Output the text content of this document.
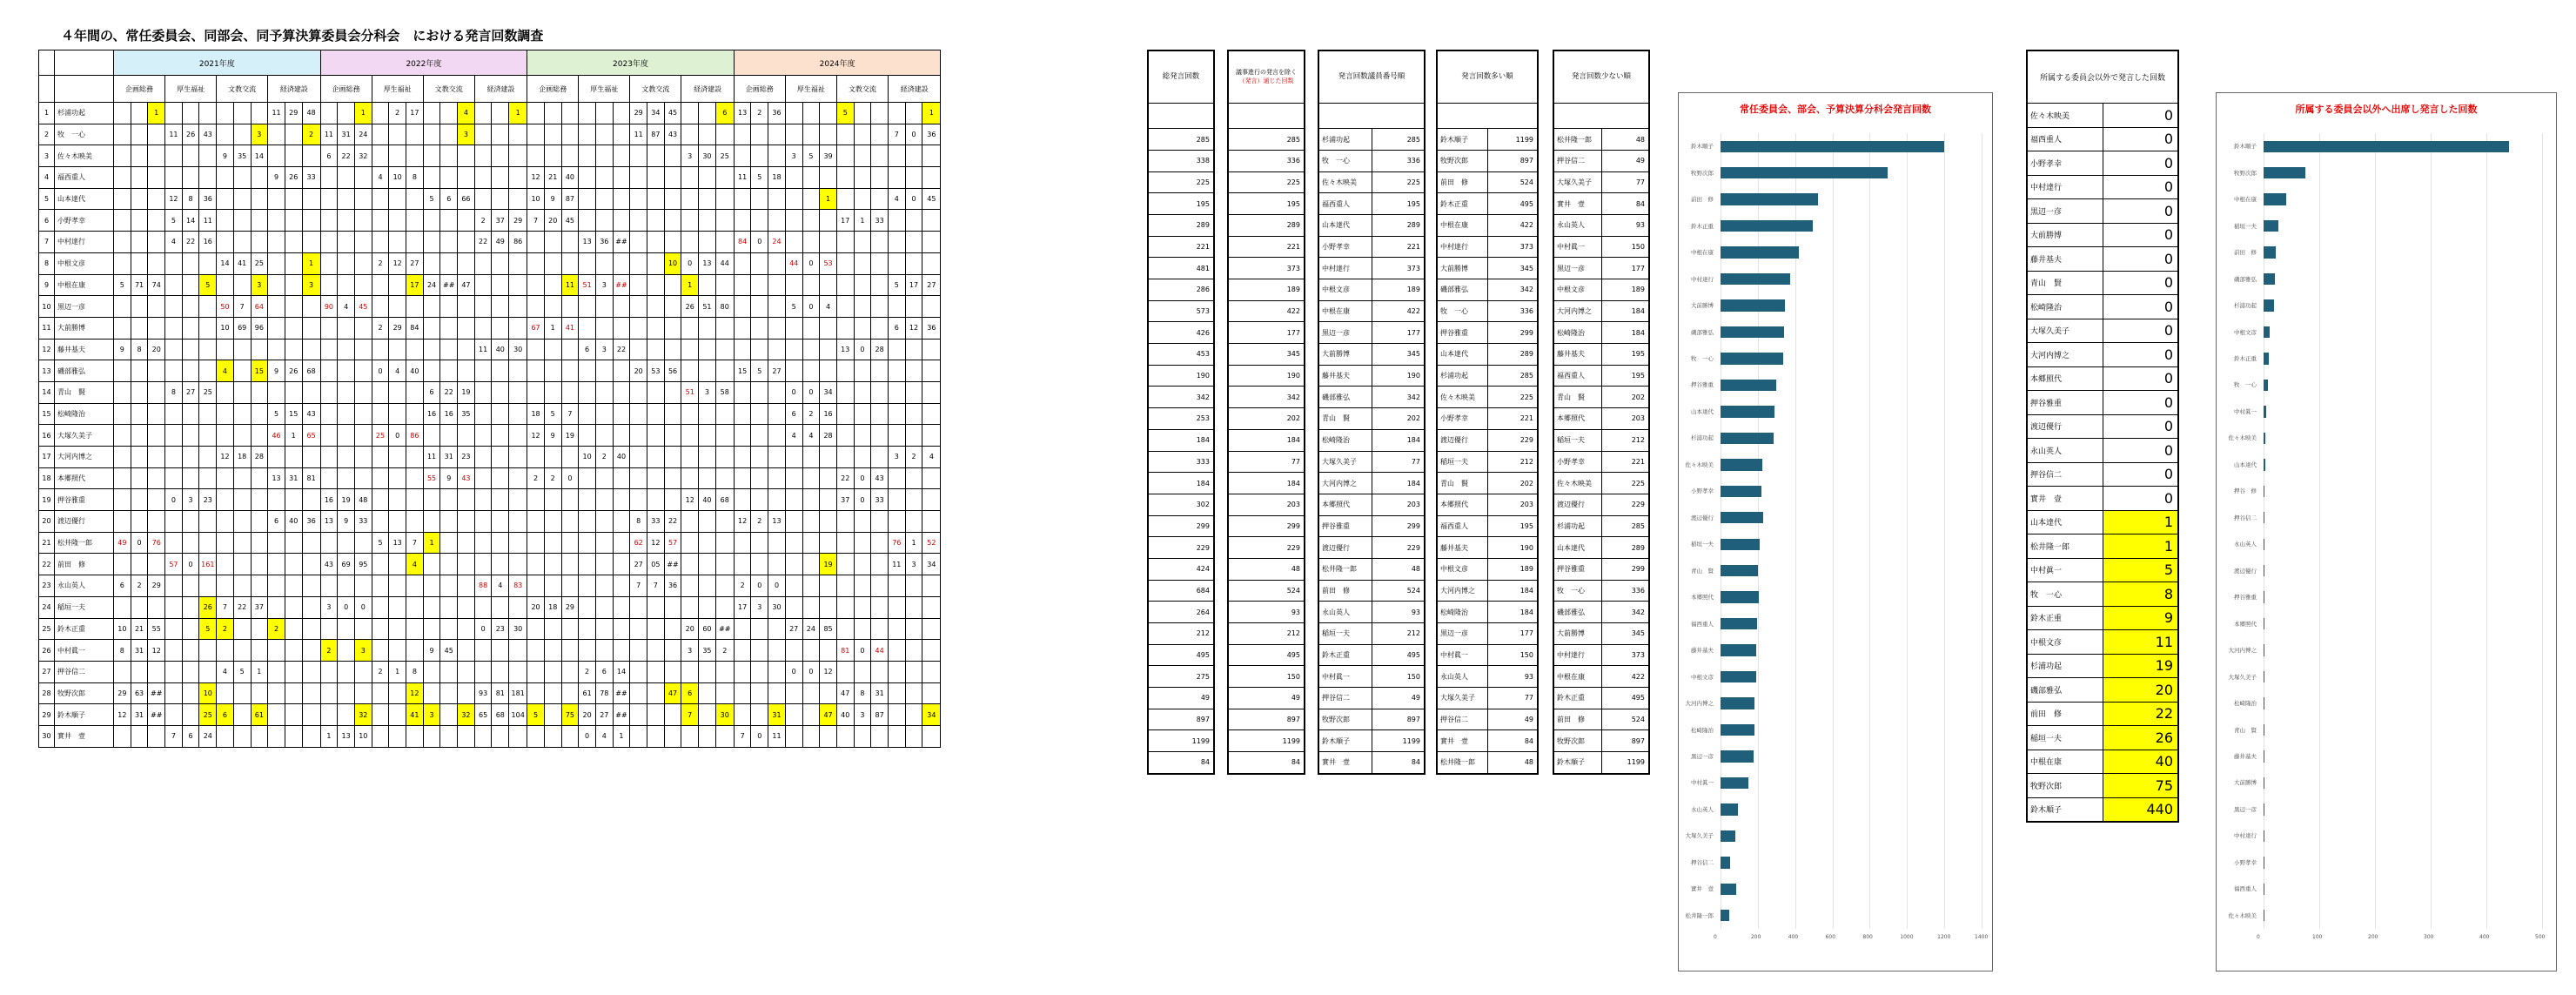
４年間の、常任委員会、同部会、同予算決算委員会分科会　における発言回数調査
		2021年度												2022年度												2023年度												2024年度											
		企画総務			厚生福祉			文教交流			経済建設			企画総務			厚生福祉			文教交流			経済建設			企画総務			厚生福祉			文教交流			経済建設			企画総務			厚生福祉			文教交流			経済建設		
1	杉浦功起			1							11	29	48			1		2	17			4			1							29	34	45			6	13	2	36				5					1
2	牧　一心				11	26	43			3			2	11	31	24						3										11	87	43													7	0	36
3	佐々木映美							9	35	14				6	22	32																			3	30	25				3	5	39						
4	福西重人										9	26	33				4	10	8							12	21	40										11	5	18									
5	山本達代				12	8	36													5	6	66				10	9	87															1				4	0	45
6	小野孝幸				5	14	11																2	37	29	7	20	45																17	1	33			
7	中村達行				4	22	16																22	49	86				13	36	##							84	0	24									
8	中根文彦							14	41	25			1				2	12	27															10	0	13	44				44	0	53						
9	中根在康	5	71	74			5			3			3						17	24	##	47						11	51	3	##				1												5	17	27
10	黒辺一彦							50	7	64				90	4	45																			26	51	80				5	0	4						
11	大前勝博							10	69	96							2	29	84							67	1	41																			6	12	36
12	藤井基夫	9	8	20																			11	40	30				6	3	22													13	0	28			
13	磯部雅弘							4		15	9	26	68				0	4	40													20	53	56				15	5	27									
14	青山　賢				8	27	25													6	22	19													51	3	58				0	0	34						
15	松崎隆治										5	15	43							16	16	35				18	5	7													6	2	16						
16	大塚久美子										46	1	65				25	0	86							12	9	19													4	4	28						
17	大河内博之							12	18	28										11	31	23							10	2	40																3	2	4
18	本郷照代										13	31	81							55	9	43				2	2	0																22	0	43			
19	押谷雅重				0	3	23							16	19	48																			12	40	68							37	0	33			
20	渡辺優行										6	40	36	13	9	33																8	33	22				12	2	13									
21	松井隆一郎	49	0	76													5	13	7	1												62	12	57													76	1	52
22	前田　修				57	0	161							43	69	95			4													27	05	##									19				11	3	34
23	永山英人	6	2	29																			88	4	83							7	7	36				2	0	0									
24	稲垣一夫						26	7	22	37				3	0	0										20	18	29										17	3	30									
25	鈴木正重	10	21	55			5	2			2												0	23	30										20	60	##				27	24	85						
26	中村眞一	8	31	12										2		3				9	45														3	35	2							81	0	44			
27	押谷信二							4	5	1							2	1	8										2	6	14										0	0	12						
28	牧野次郎	29	63	##			10												12				93	81	181				61	78	##			47	6									47	8	31			
29	鈴木順子	12	31	##			25	6		61						32			41	3		32	65	68	104	5		75	20	27	##				7		30			31			47	40	3	87			34
30	實井　壹				7	6	24							1	13	10													0	4	1							7	0	11									
総発言回数

285
338
225
195
289
221
481
286
573
426
453
190
342
253
184
333
184
302
299
229
424
684
264
212
495
275
49
897
1199
84
議事進行の発言を除く
（発言）通じた回数

285
336
225
195
289
221
373
189
422
177
345
190
342
202
184
77
184
203
299
229
48
524
93
212
495
150
49
897
1199
84
発言回数議員番号順	

杉浦功起	285
牧　一心	336
佐々木映美	225
福西重人	195
山本達代	289
小野孝幸	221
中村達行	373
中根文彦	189
中根在康	422
黒辺一彦	177
大前勝博	345
藤井基夫	190
磯部雅弘	342
青山　賢	202
松崎隆治	184
大塚久美子	77
大河内博之	184
本郷照代	203
押谷雅重	299
渡辺優行	229
松井隆一郎	48
前田　修	524
永山英人	93
稲垣一夫	212
鈴木正重	495
中村眞一	150
押谷信二	49
牧野次郎	897
鈴木順子	1199
實井　壹	84
発言回数多い順	

鈴木順子	1199
牧野次郎	897
前田　修	524
鈴木正重	495
中根在康	422
中村達行	373
大前勝博	345
磯部雅弘	342
牧　一心	336
押谷雅重	299
山本達代	289
杉浦功起	285
佐々木映美	225
小野孝幸	221
渡辺優行	229
稲垣一夫	212
青山　賢	202
本郷照代	203
福西重人	195
藤井基夫	190
中根文彦	189
大河内博之	184
松崎隆治	184
黒辺一彦	177
中村眞一	150
永山英人	93
大塚久美子	77
押谷信二	49
實井　壹	84
松井隆一郎	48
発言回数少ない順	

松井隆一郎	48
押谷信二	49
大塚久美子	77
實井　壹	84
永山英人	93
中村眞一	150
黒辺一彦	177
中根文彦	189
大河内博之	184
松崎隆治	184
藤井基夫	195
福西重人	195
青山　賢	202
本郷照代	203
稲垣一夫	212
小野孝幸	221
佐々木映美	225
渡辺優行	229
杉浦功起	285
山本達代	289
押谷雅重	299
牧　一心	336
磯部雅弘	342
大前勝博	345
中村達行	373
中根在康	422
鈴木正重	495
前田　修	524
牧野次郎	897
鈴木順子	1199
常任委員会、部会、予算決算分科会発言回数
0	200	400	600	800	1000	1200	1400
鈴木順子
牧野次郎
前田　修
鈴木正重
中根在康
中村達行
大前勝博
磯部雅弘
牧　一心
押谷雅重
山本達代
杉浦功起
佐々木映美
小野孝幸
渡辺優行
稲垣一夫
青山　賢
本郷照代
福西重人
藤井基夫
中根文彦
大河内博之
松崎隆治
黒辺一彦
中村眞一
永山英人
大塚久美子
押谷信二
實井　壹
松井隆一郎
所属する委員会以外で発言した回数	
佐々木映美	0
福西重人	0
小野孝幸	0
中村達行	0
黒辺一彦	0
大前勝博	0
藤井基夫	0
青山　賢	0
松崎隆治	0
大塚久美子	0
大河内博之	0
本郷照代	0
押谷雅重	0
渡辺優行	0
永山英人	0
押谷信二	0
實井　壹	0
山本達代	1
松井隆一郎	1
中村眞一	5
牧　一心	8
鈴木正重	9
中根文彦	11
杉浦功起	19
磯部雅弘	20
前田　修	22
稲垣一夫	26
中根在康	40
牧野次郎	75
鈴木順子	440
所属する委員会以外へ出席し発言した回数
0	100	200	300	400	500
鈴木順子
牧野次郎
中根在康
稲垣一夫
前田　修
磯部雅弘
杉浦功起
中根文彦
鈴木正重
牧　一心
中村眞一
佐々木映美
山本達代
押谷　修
押谷信二
永山英人
渡辺優行
押谷雅重
本郷照代
大河内博之
大塚久美子
松崎隆治
青山　賢
藤井基夫
大前勝博
黒辺一彦
中村達行
小野孝幸
福西重人
佐々木映美
